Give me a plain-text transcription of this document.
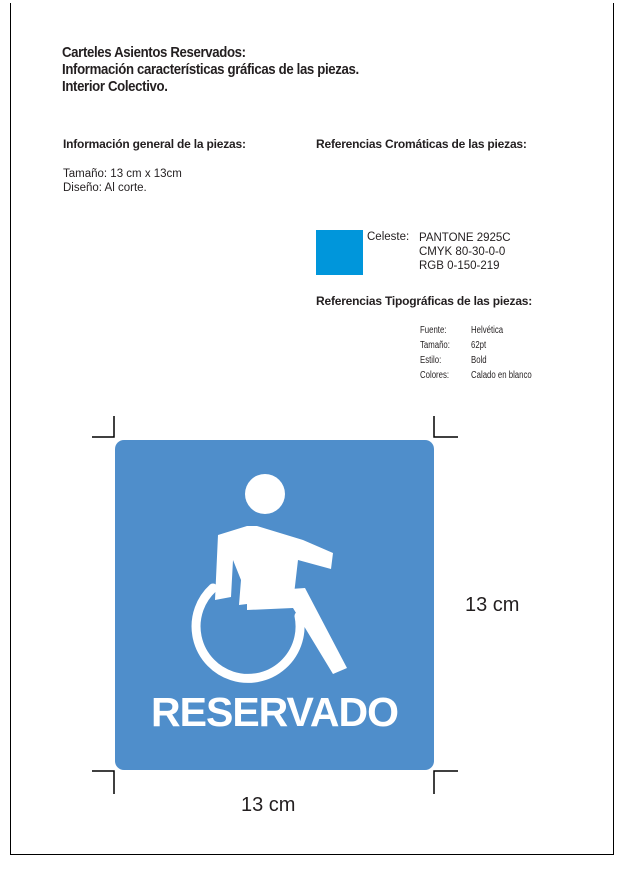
Carteles Asientos Reservados:
Información características gráficas de las piezas.
Interior Colectivo.
Información general de la piezas:
Tamaño: 13 cm x 13cm
Diseño: Al corte.
Referencias Cromáticas de las piezas:
Celeste: PANTONE 2925C
CMYK 80-30-0-0
RGB 0-150-219
Referencias Tipográficas de las piezas:
Fuente:
Tamaño:
Estilo:
Colores:
Helvética
62pt
Bold
Calado en blanco
RESERVADO
13 cm
13 cm
